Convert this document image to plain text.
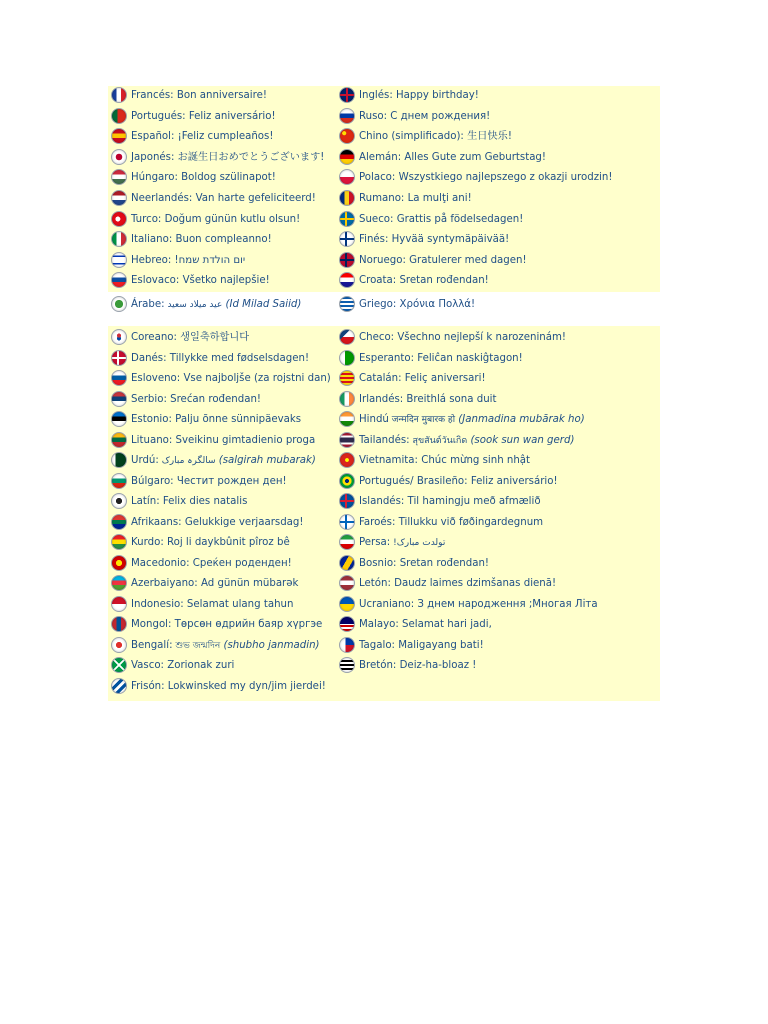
Francés: Bon anniversaire!	Inglés: Happy birthday!
Portugués: Feliz aniversário!	Ruso: С днем рождения!
Español: ¡Feliz cumpleaños!	Chino (simplificado): 生日快乐!
Japonés: お誕生日おめでとうございます!	Alemán: Alles Gute zum Geburtstag!
Húngaro: Boldog szülinapot!	Polaco: Wszystkiego najlepszego z okazji urodzin!
Neerlandés: Van harte gefeliciteerd!	Rumano: La mulţi ani!
Turco: Doğum günün kutlu olsun!	Sueco: Grattis på födelsedagen!
Italiano: Buon compleanno!	Finés: Hyvää syntymäpäivää!
Hebreo: !יום הולדת שמח	Noruego: Gratulerer med dagen!
Eslovaco: Všetko najlepšie!	Croata: Sretan rođendan!
Árabe: عيد ميلاد سعيد (Id Milad Saiid)	Griego: Χρόνια Πολλά!
Coreano: 생일축하합니다	Checo: Všechno nejlepší k narozeninám!
Danés: Tillykke med fødselsdagen!	Esperanto: Feliĉan naskiĝtagon!
Esloveno: Vse najboljše (za rojstni dan)	Catalán: Feliç aniversari!
Serbio: Srećan rođendan!	Irlandés: Breithlá sona duit
Estonio: Palju õnne sünnipäevaks	Hindú जन्मदिन मुबारक हो (Janmadina mubārak ho)
Lituano: Sveikinu gimtadienio proga	Tailandés: สุขสันต์วันเกิด (sook sun wan gerd)
Urdú: سالگرہ مبارک (salgirah mubarak)	Vietnamita: Chúc mừng sinh nhật
Búlgaro: Честит рожден ден!	Portugués/ Brasileño: Feliz aniversário!
Latín: Felix dies natalis	Islandés: Til hamingju með afmælið
Afrikaans: Gelukkige verjaarsdag!	Faroés: Tillukku við føðingardegnum
Kurdo: Roj li daykbûnit pîroz bê	Persa: !تولدت مبارک
Macedonio: Среќен роденден!	Bosnio: Sretan rođendan!
Azerbaiyano: Ad günün mübarək	Letón: Daudz laimes dzimšanas dienā!
Indonesio: Selamat ulang tahun	Ucraniano: З днем народження ;Многая Літа
Mongol: Төрсөн өдрийн баяр хүргэе	Malayo: Selamat hari jadi,
Bengalí: শুভ জন্মদিন (shubho janmadin)	Tagalo: Maligayang bati!
Vasco: Zorionak zuri	Bretón: Deiz-ha-bloaz !
Frisón: Lokwinsked my dyn/jim jierdei!
